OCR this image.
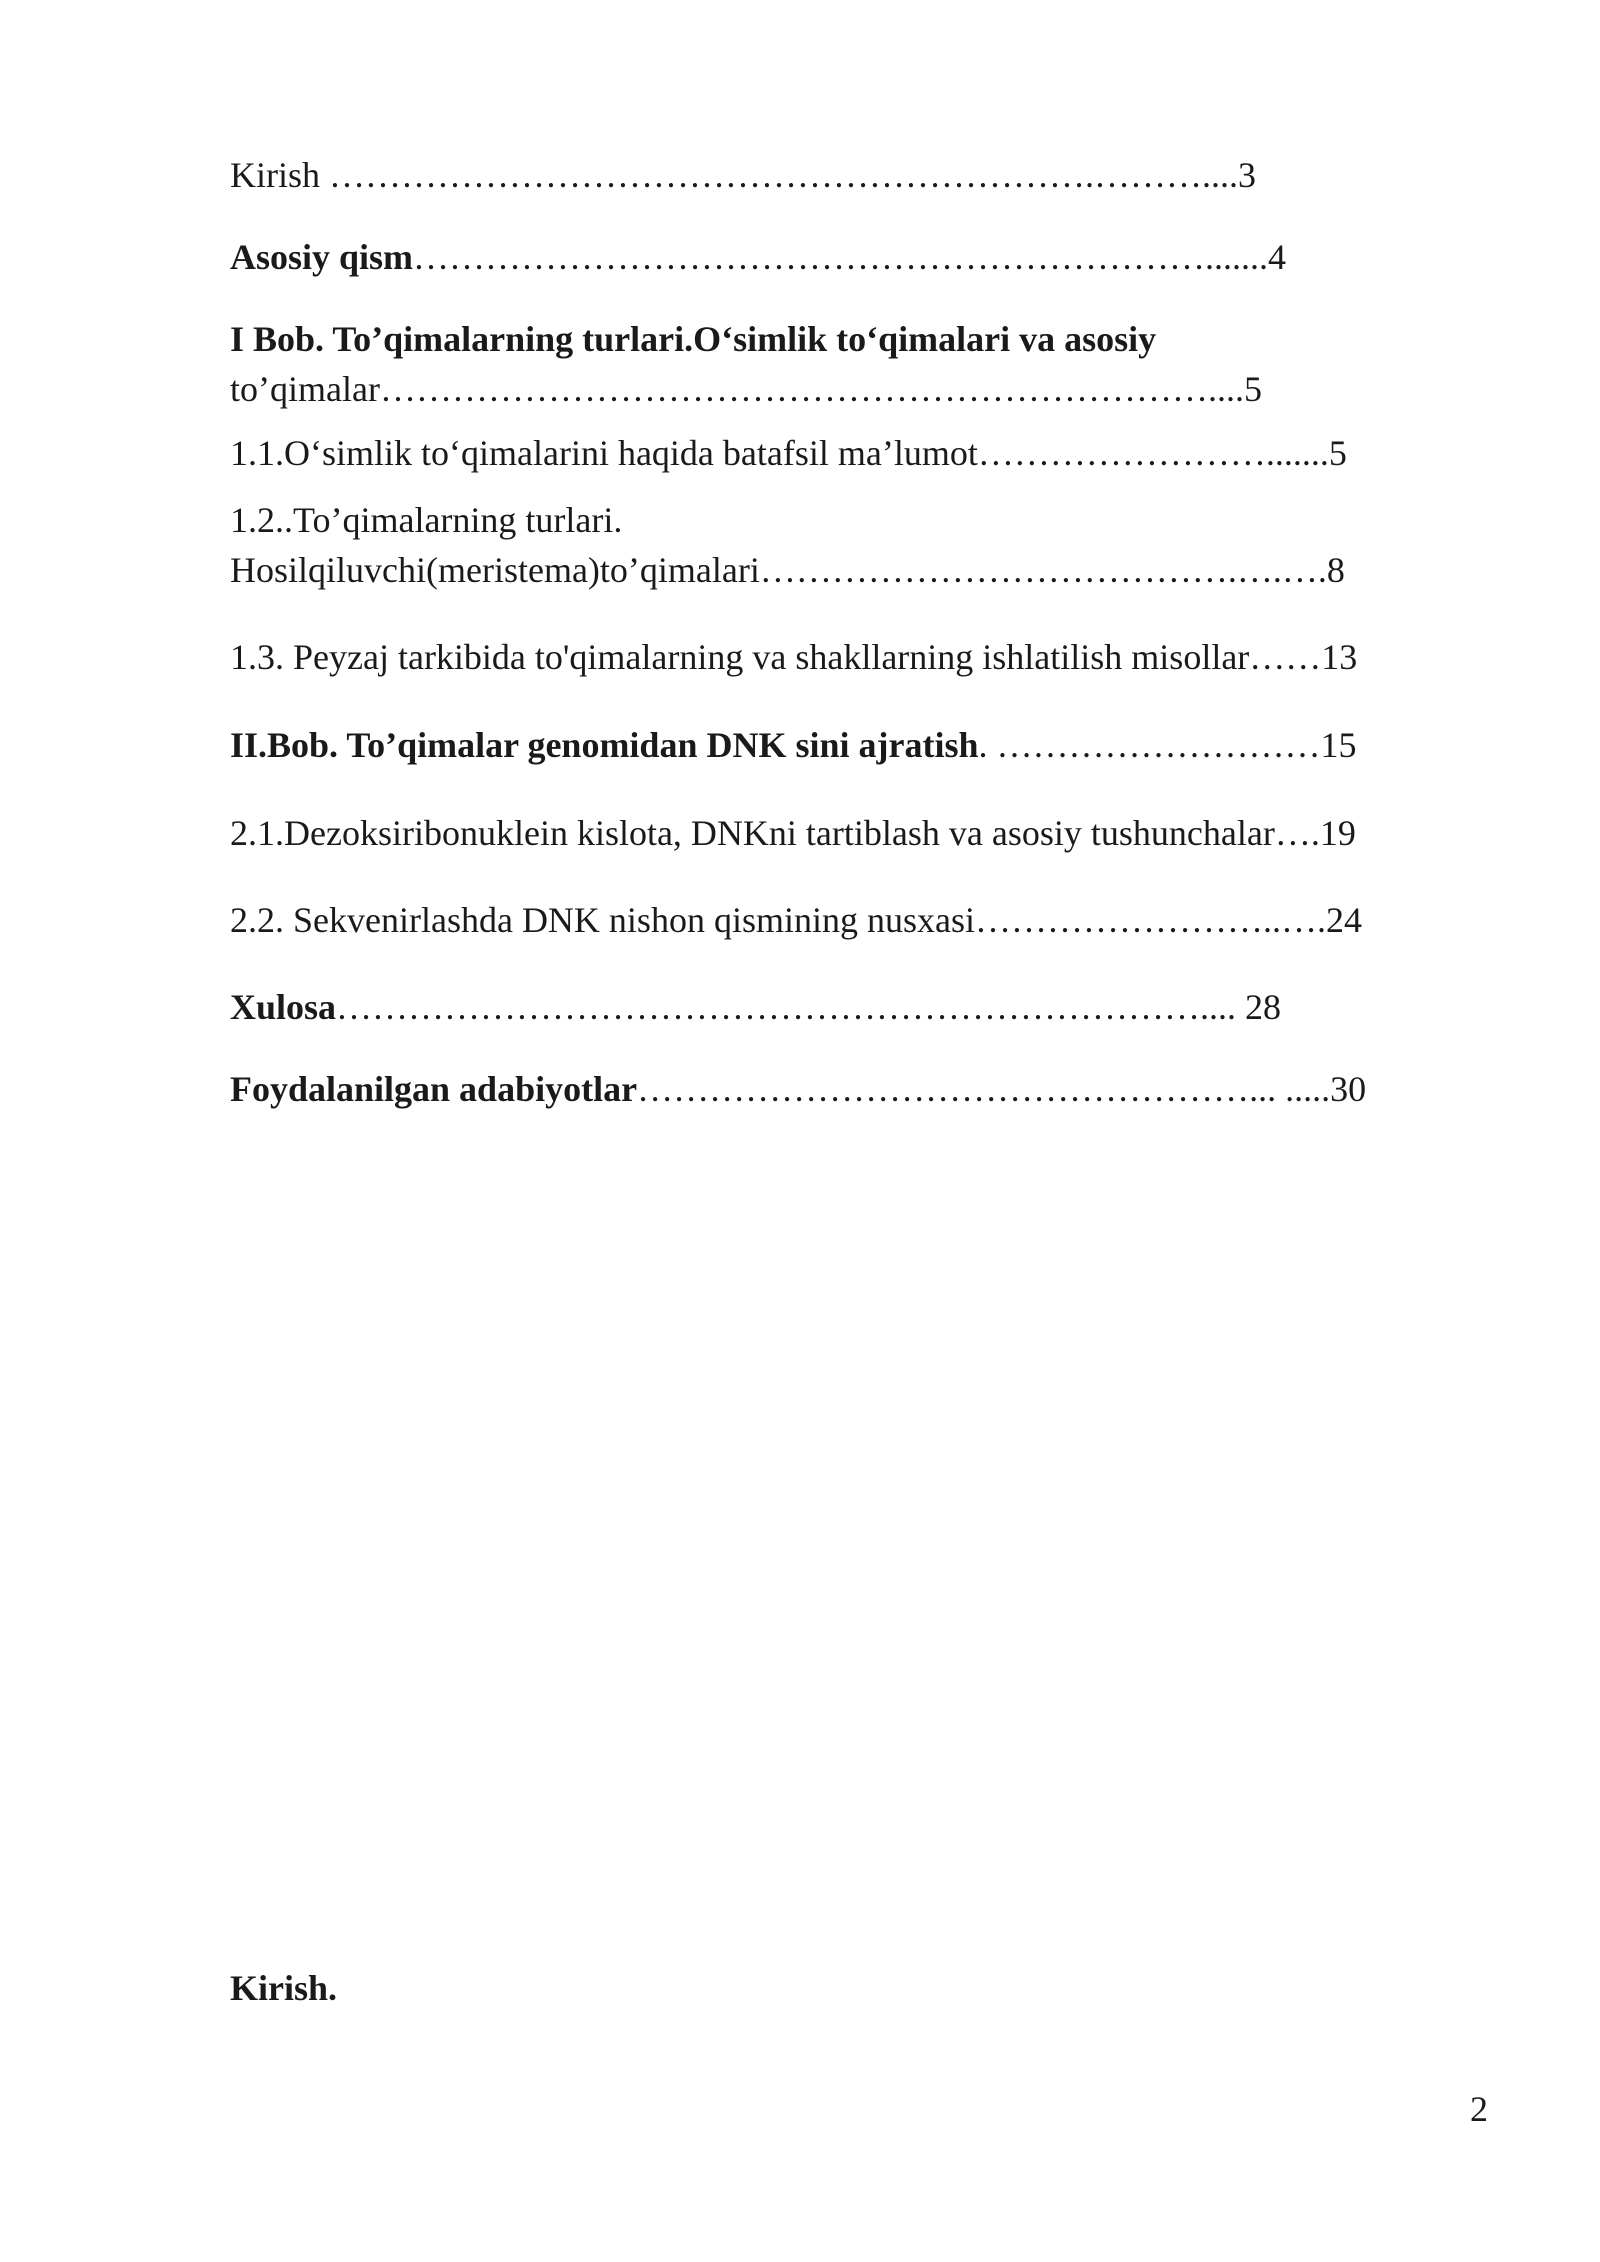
Kirish ……………………………………………………….………....3
Asosiy qism………………………………………………………….......4
I Bob. To’qimalarning turlari.O‘simlik to‘qimalari va asosiy
to’qimalar……………………………………………………………....5
1.1.O‘simlik to‘qimalarini haqida batafsil ma’lumot…………………….......5
1.2..To’qimalarning turlari.
Hosilqiluvchi(meristema)to’qimalari………………………………….….….8
1.3. Peyzaj tarkibida to'qimalarning va shakllarning ishlatilish misollar……13
II.Bob. To’qimalar genomidan DNK sini ajratish. ………………………15
2.1.Dezoksiribonuklein kislota, DNKni tartiblash va asosiy tushunchalar….19
2.2. Sekvenirlashda DNK nishon qismining nusxasi……………………..….24
Xulosa……………………………………………………………….... 28
Foydalanilgan adabiyotlar……………………………………………... .....30
Kirish.
2
